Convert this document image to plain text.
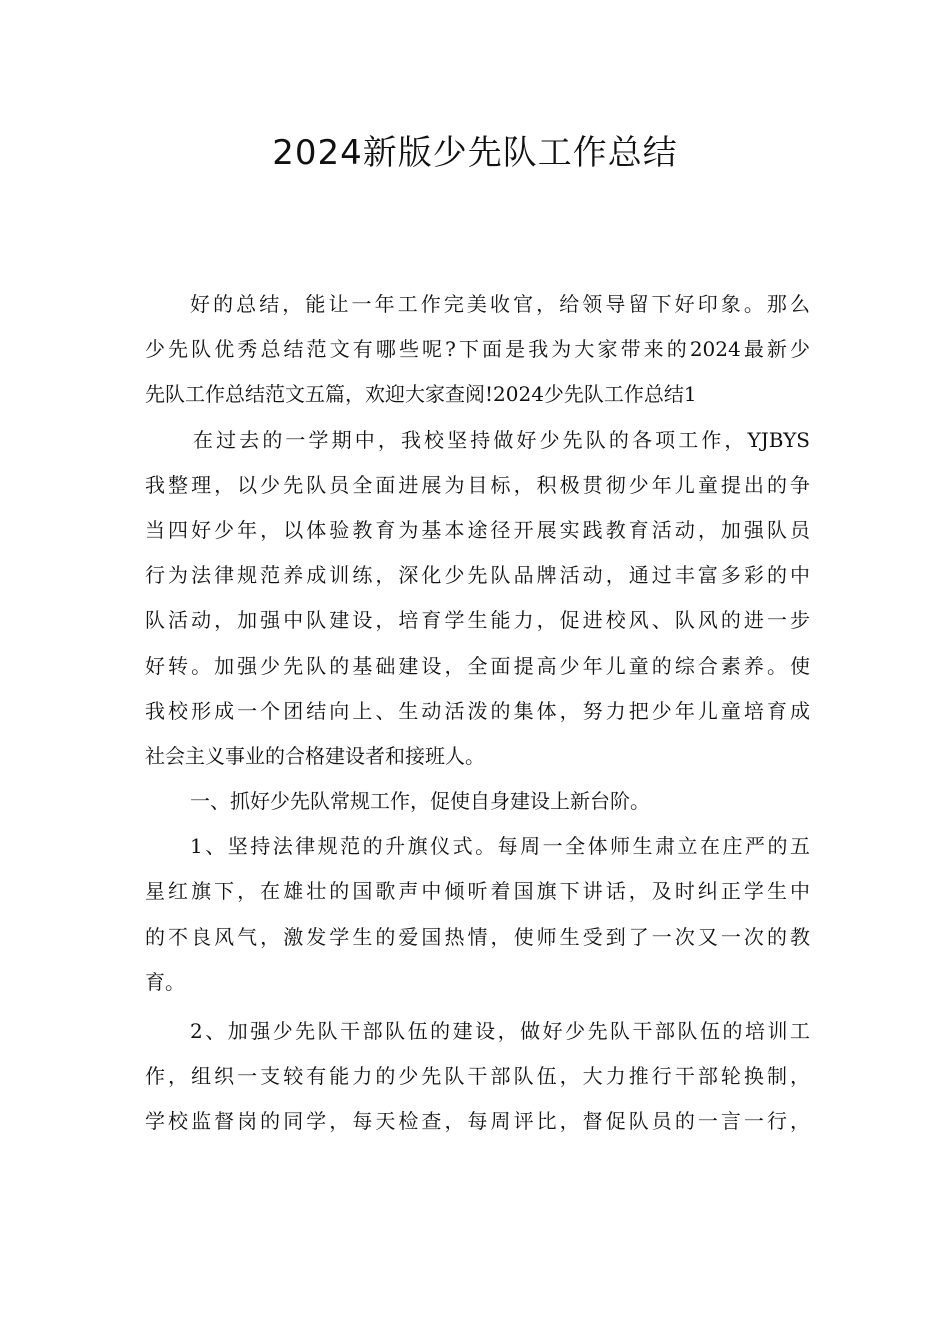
2024新版少先队工作总结
好的总结，能让一年工作完美收官，给领导留下好印象。那么
少先队优秀总结范文有哪些呢?下面是我为大家带来的2024最新少
先队工作总结范文五篇，欢迎大家查阅!2024少先队工作总结1
在过去的一学期中，我校坚持做好少先队的各项工作，YJBYS
我整理，以少先队员全面进展为目标，积极贯彻少年儿童提出的争
当四好少年，以体验教育为基本途径开展实践教育活动，加强队员
行为法律规范养成训练，深化少先队品牌活动，通过丰富多彩的中
队活动，加强中队建设，培育学生能力，促进校风、队风的进一步
好转。加强少先队的基础建设，全面提高少年儿童的综合素养。使
我校形成一个团结向上、生动活泼的集体，努力把少年儿童培育成
社会主义事业的合格建设者和接班人。
一、抓好少先队常规工作，促使自身建设上新台阶。
1、坚持法律规范的升旗仪式。每周一全体师生肃立在庄严的五
星红旗下，在雄壮的国歌声中倾听着国旗下讲话，及时纠正学生中
的不良风气，激发学生的爱国热情，使师生受到了一次又一次的教
育。
2、加强少先队干部队伍的建设，做好少先队干部队伍的培训工
作，组织一支较有能力的少先队干部队伍，大力推行干部轮换制，
学校监督岗的同学，每天检查，每周评比，督促队员的一言一行，
